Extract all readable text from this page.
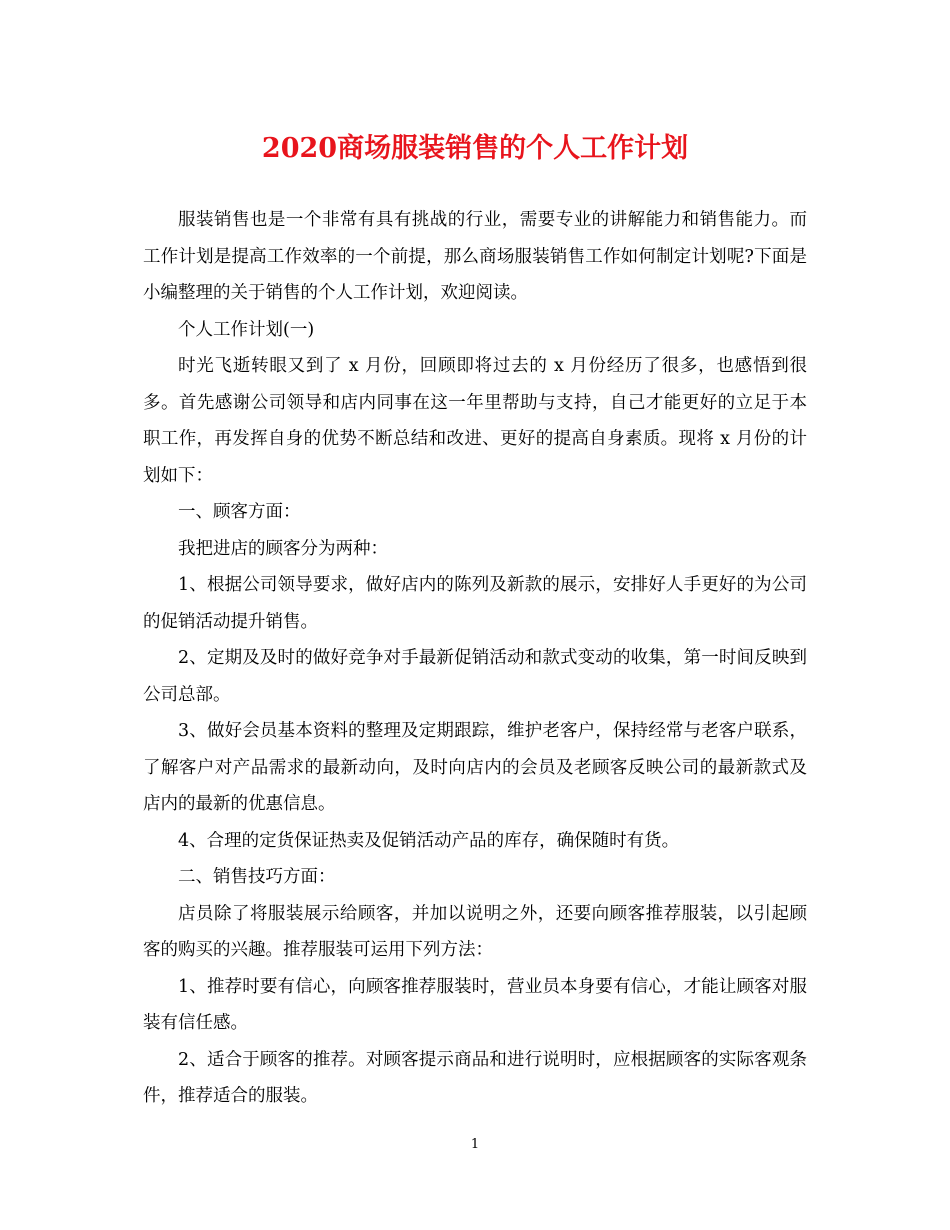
2020商场服装销售的个人工作计划

服装销售也是一个非常有具有挑战的行业，需要专业的讲解能力和销售能力。而工作计划是提高工作效率的一个前提，那么商场服装销售工作如何制定计划呢?下面是小编整理的关于销售的个人工作计划，欢迎阅读。

个人工作计划(一)

时光飞逝转眼又到了 x 月份，回顾即将过去的 x 月份经历了很多，也感悟到很多。首先感谢公司领导和店内同事在这一年里帮助与支持，自己才能更好的立足于本职工作，再发挥自身的优势不断总结和改进、更好的提高自身素质。现将 x 月份的计划如下：

一、顾客方面：

我把进店的顾客分为两种：

1、根据公司领导要求，做好店内的陈列及新款的展示，安排好人手更好的为公司的促销活动提升销售。

2、定期及及时的做好竞争对手最新促销活动和款式变动的收集，第一时间反映到公司总部。

3、做好会员基本资料的整理及定期跟踪，维护老客户，保持经常与老客户联系，了解客户对产品需求的最新动向，及时向店内的会员及老顾客反映公司的最新款式及店内的最新的优惠信息。

4、合理的定货保证热卖及促销活动产品的库存，确保随时有货。

二、销售技巧方面：

店员除了将服装展示给顾客，并加以说明之外，还要向顾客推荐服装，以引起顾客的购买的兴趣。推荐服装可运用下列方法：

1、推荐时要有信心，向顾客推荐服装时，营业员本身要有信心，才能让顾客对服装有信任感。

2、适合于顾客的推荐。对顾客提示商品和进行说明时，应根据顾客的实际客观条件，推荐适合的服装。

1
